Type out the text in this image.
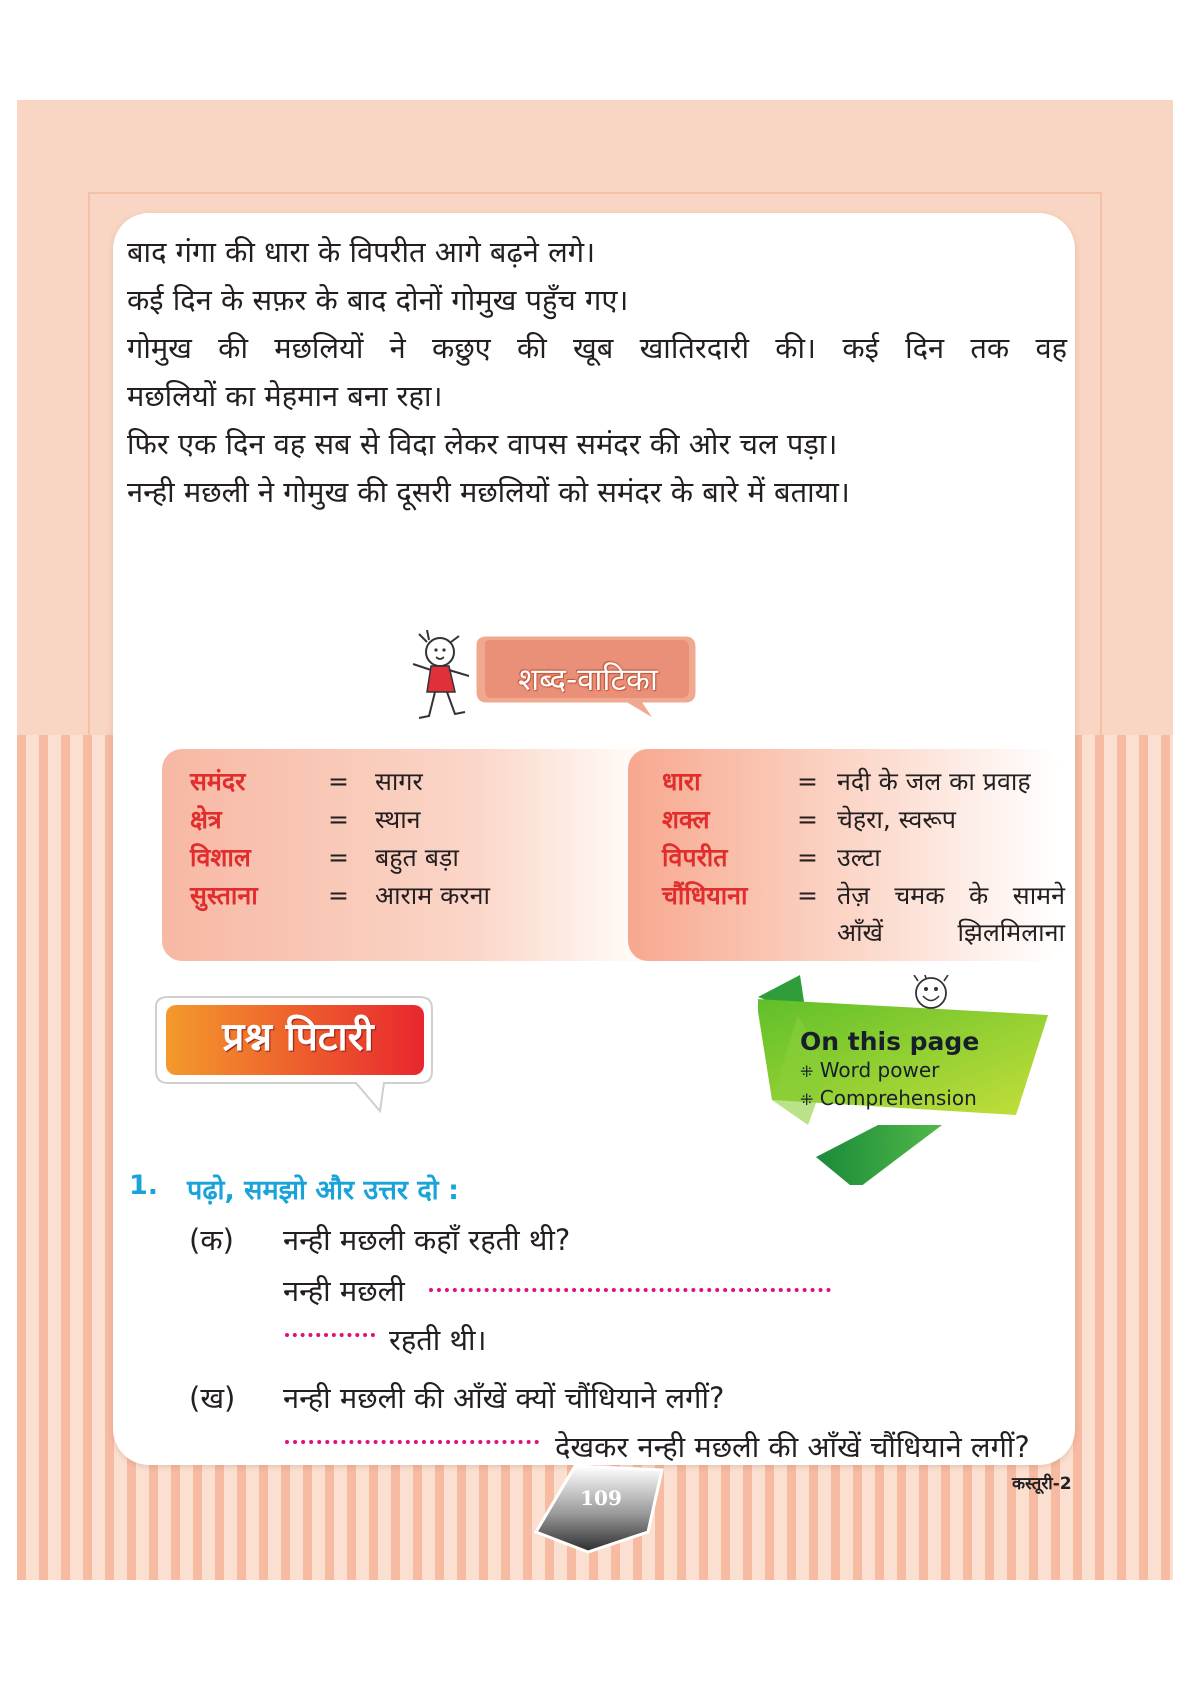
बाद गंगा की धारा के विपरीत आगे बढ़ने लगे।

कई दिन के सफ़र के बाद दोनों गोमुख पहुँच गए।

गोमुख की मछलियों ने कछुए की खूब खातिरदारी की। कई दिन तक वह

मछलियों का मेहमान बना रहा।

फिर एक दिन वह सब से विदा लेकर वापस समंदर की ओर चल पड़ा।

नन्ही मछली ने गोमुख की दूसरी मछलियों को समंदर के बारे में बताया।

शब्द-वाटिका
समंदर	= सागर
क्षेत्र	= स्थान
विशाल	= बहुत बड़ा
सुस्ताना	= आराम करना
धारा	= नदी के जल का प्रवाह
शक्ल	= चेहरा, स्वरूप
विपरीत	= उल्टा
चौंधियाना = तेज़ चमक के सामने आँखें झिलमिलाना
प्रश्न पिटारी	On this page
⁜ Word power
⁜ Comprehension
1. पढ़ो, समझो और उत्तर दो :
(क) नन्ही मछली कहाँ रहती थी?
नन्ही मछली
रहती थी।
(ख) नन्ही मछली की आँखें क्यों चौंधियाने लगीं?
देखकर नन्ही मछली की आँखें चौंधियाने लगीं?
109
कस्तूरी-2
